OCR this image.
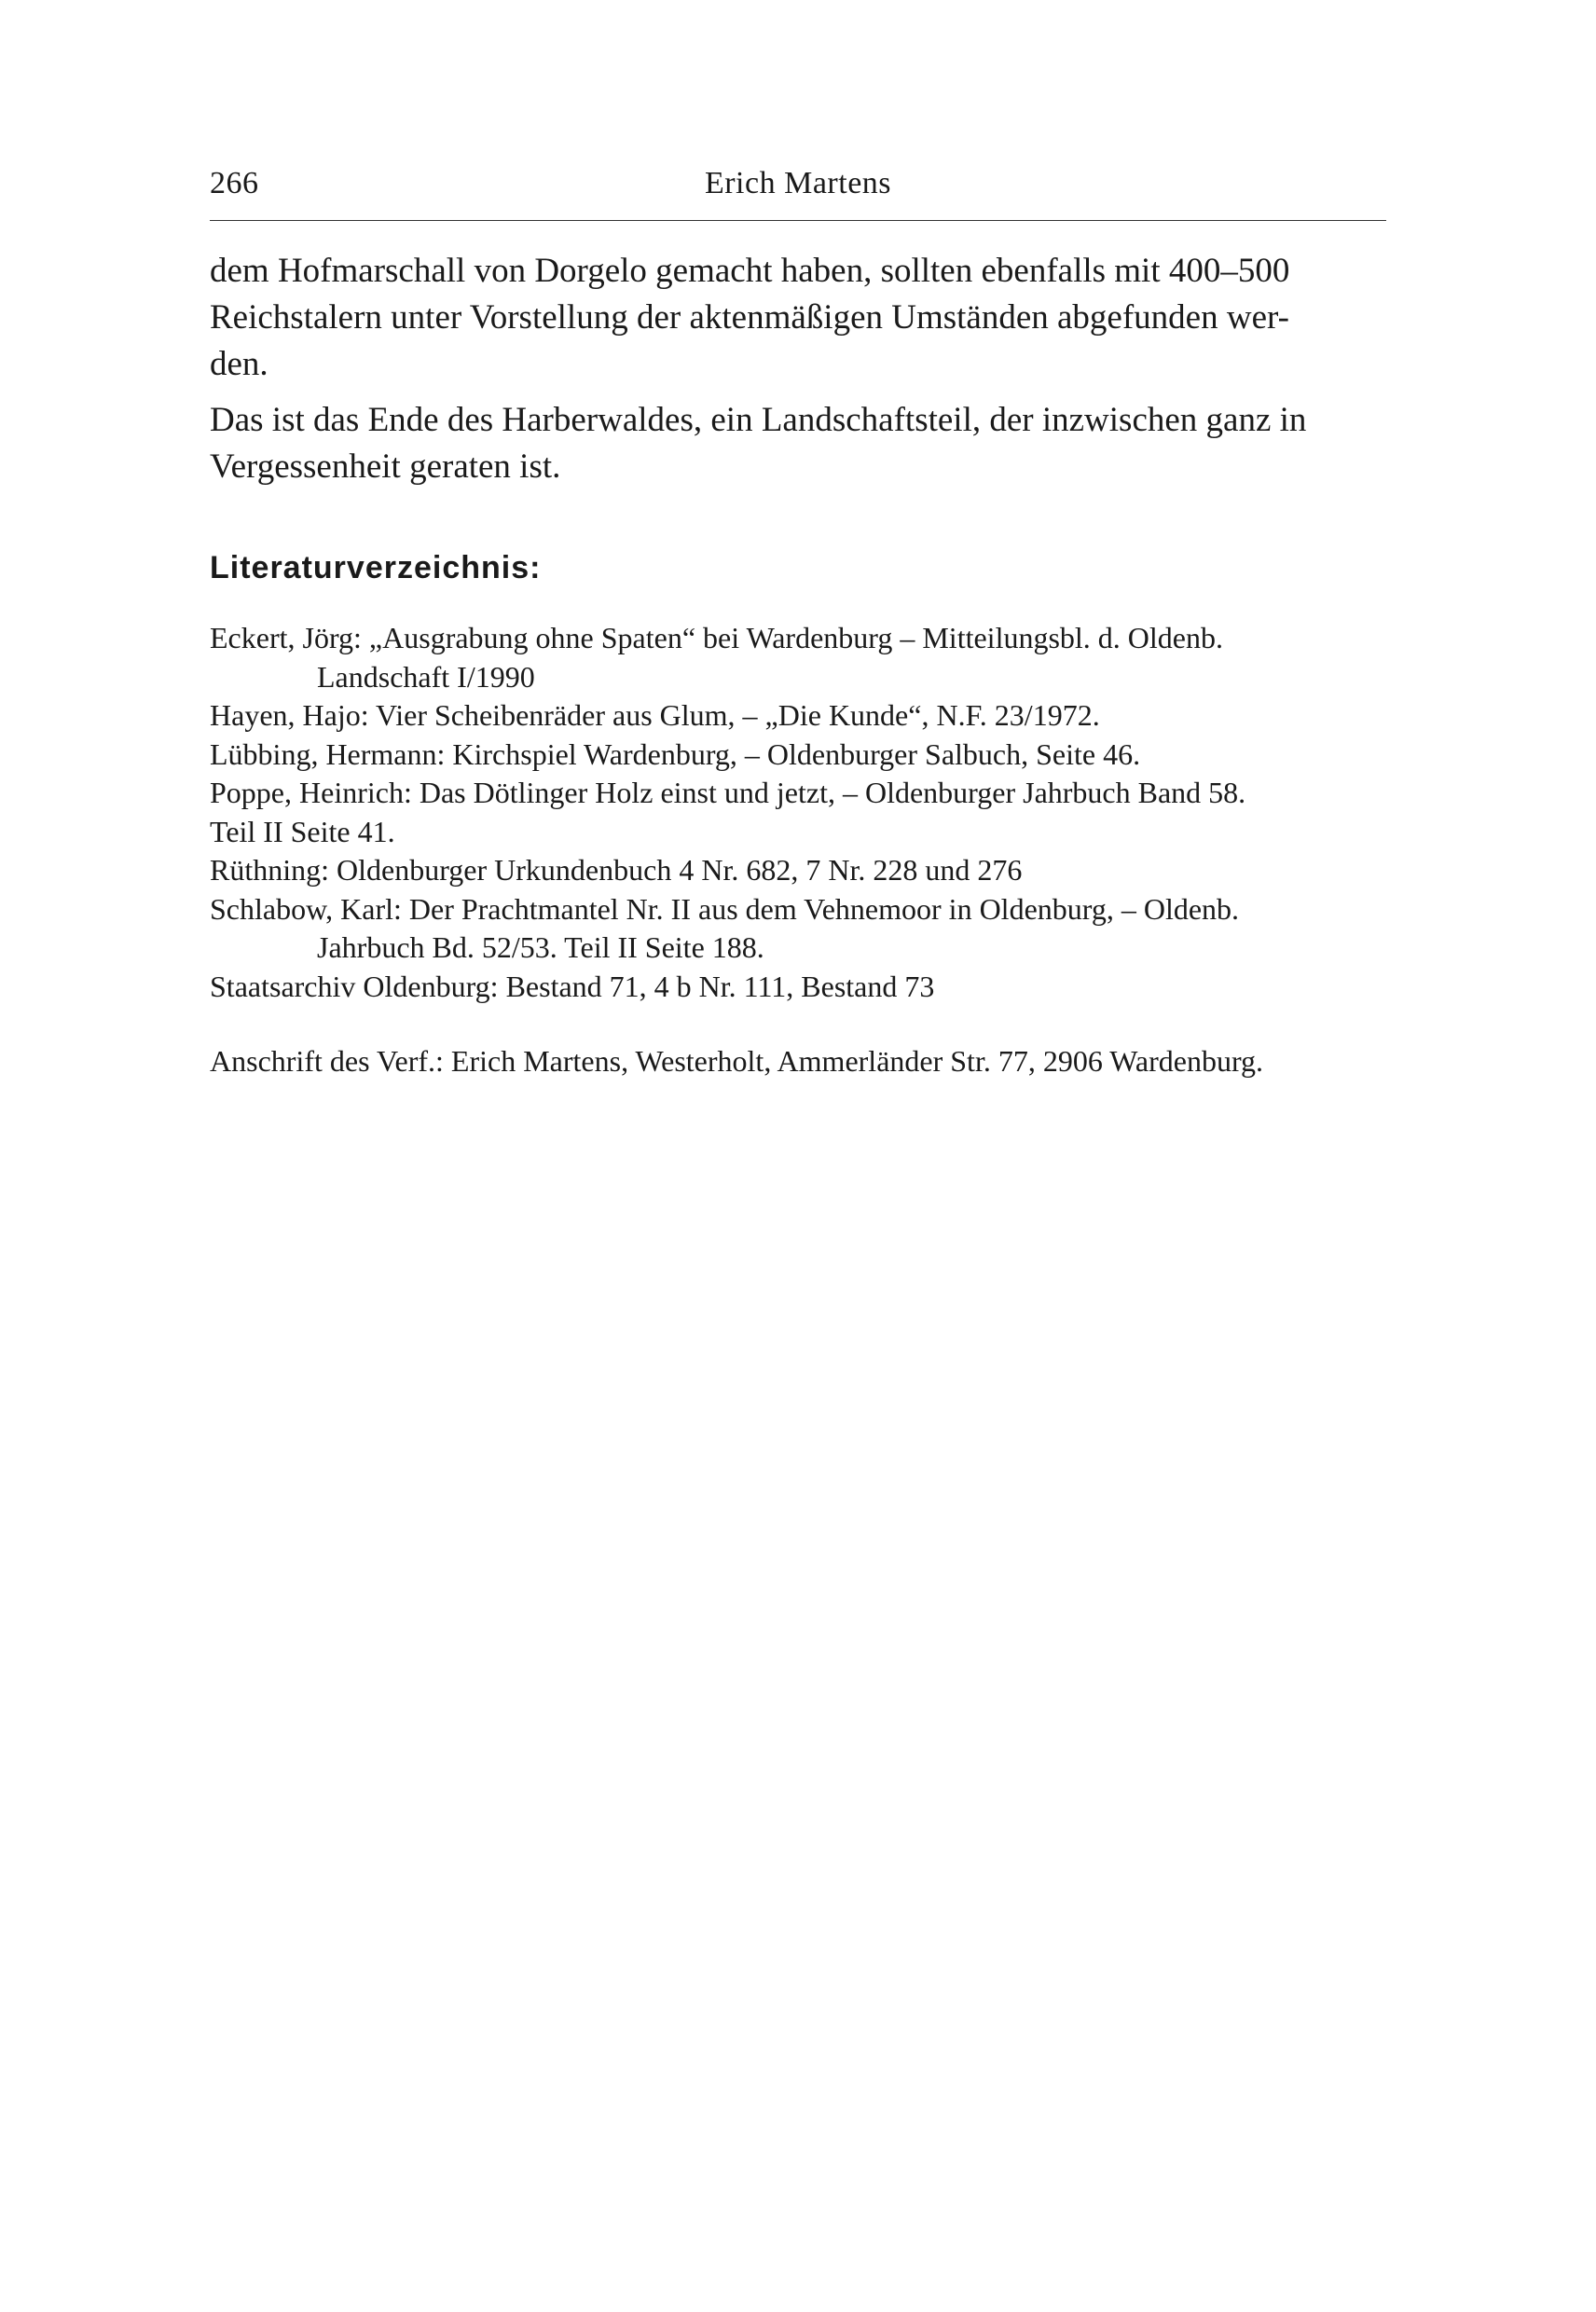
266	Erich Martens

dem Hofmarschall von Dorgelo gemacht haben, sollten ebenfalls mit 400–500
Reichstalern unter Vorstellung der aktenmäßigen Umständen abgefunden wer-
den.

Das ist das Ende des Harberwaldes, ein Landschaftsteil, der inzwischen ganz in
Vergessenheit geraten ist.

Literaturverzeichnis:
Eckert, Jörg: „Ausgrabung ohne Spaten“ bei Wardenburg – Mitteilungsbl. d. Oldenb.
Landschaft I/1990
Hayen, Hajo: Vier Scheibenräder aus Glum, – „Die Kunde“, N.F. 23/1972.
Lübbing, Hermann: Kirchspiel Wardenburg, – Oldenburger Salbuch, Seite 46.
Poppe, Heinrich: Das Dötlinger Holz einst und jetzt, – Oldenburger Jahrbuch Band 58.
Teil II Seite 41.
Rüthning: Oldenburger Urkundenbuch 4 Nr. 682, 7 Nr. 228 und 276
Schlabow, Karl: Der Prachtmantel Nr. II aus dem Vehnemoor in Oldenburg, – Oldenb.
Jahrbuch Bd. 52/53. Teil II Seite 188.
Staatsarchiv Oldenburg: Bestand 71, 4 b Nr. 111, Bestand 73
Anschrift des Verf.: Erich Martens, Westerholt, Ammerländer Str. 77, 2906 Wardenburg.
